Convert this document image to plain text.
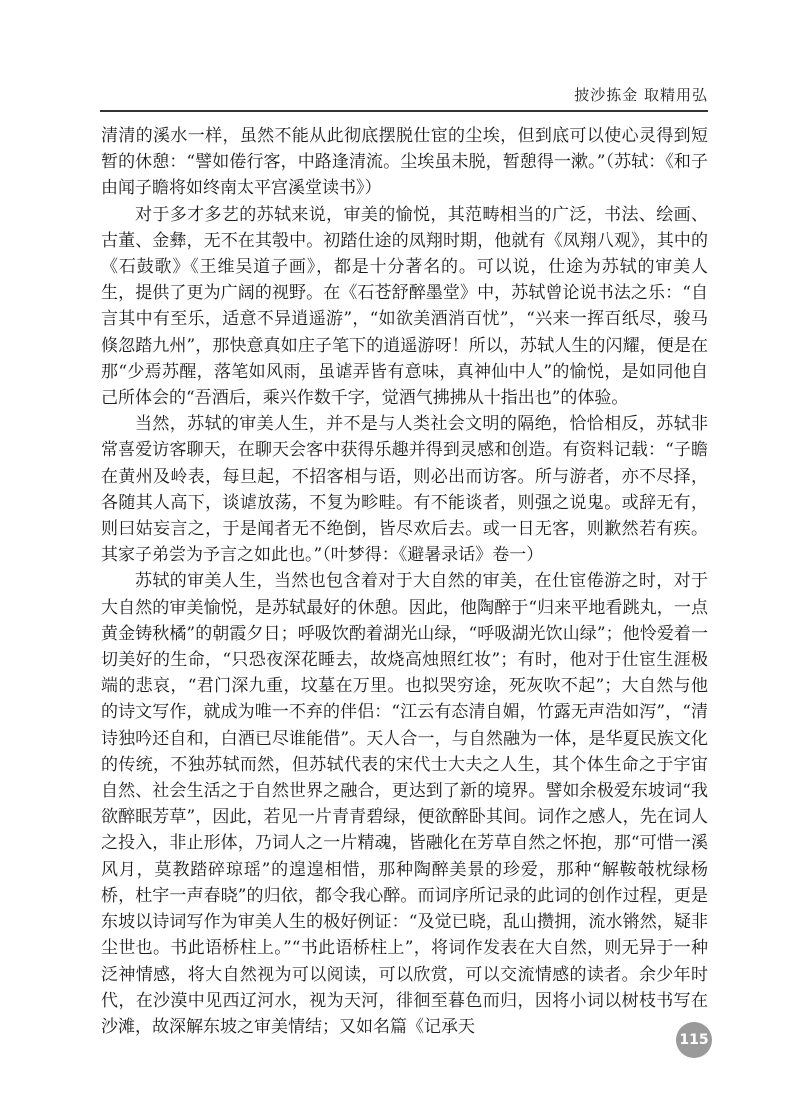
披沙拣金 取精用弘

清清的溪水一样，虽然不能从此彻底摆脱仕宦的尘埃，但到底可以使心灵得到短暂的休憩：“譬如倦行客，中路逢清流。尘埃虽未脱，暂憩得一漱。”（苏轼：《和子由闻子瞻将如终南太平宫溪堂读书》）

对于多才多艺的苏轼来说，审美的愉悦，其范畴相当的广泛，书法、绘画、古董、金彝，无不在其彀中。初踏仕途的凤翔时期，他就有《凤翔八观》，其中的《石鼓歌》《王维吴道子画》，都是十分著名的。可以说，仕途为苏轼的审美人生，提供了更为广阔的视野。在《石苍舒醉墨堂》中，苏轼曾论说书法之乐：“自言其中有至乐，适意不异逍遥游”，“如欲美酒消百忧”，“兴来一挥百纸尽，骏马倏忽踏九州”，那快意真如庄子笔下的逍遥游呀！所以，苏轼人生的闪耀，便是在那“少焉苏醒，落笔如风雨，虽谑弄皆有意味，真神仙中人”的愉悦，是如同他自己所体会的“吾酒后，乘兴作数千字，觉酒气拂拂从十指出也”的体验。

当然，苏轼的审美人生，并不是与人类社会文明的隔绝，恰恰相反，苏轼非常喜爱访客聊天，在聊天会客中获得乐趣并得到灵感和创造。有资料记载：“子瞻在黄州及岭表，每旦起，不招客相与语，则必出而访客。所与游者，亦不尽择，各随其人高下，谈谑放荡，不复为畛畦。有不能谈者，则强之说鬼。或辞无有，则曰姑妄言之，于是闻者无不绝倒，皆尽欢后去。或一日无客，则歉然若有疾。其家子弟尝为予言之如此也。”（叶梦得：《避暑录话》卷一）

苏轼的审美人生，当然也包含着对于大自然的审美，在仕宦倦游之时，对于大自然的审美愉悦，是苏轼最好的休憩。因此，他陶醉于“归来平地看跳丸，一点黄金铸秋橘”的朝霞夕日；呼吸饮酌着湖光山绿，“呼吸湖光饮山绿”；他怜爱着一切美好的生命，“只恐夜深花睡去，故烧高烛照红妆”；有时，他对于仕宦生涯极端的悲哀，“君门深九重，坟墓在万里。也拟哭穷途，死灰吹不起”；大自然与他的诗文写作，就成为唯一不弃的伴侣：“江云有态清自媚，竹露无声浩如泻”，“清诗独吟还自和，白酒已尽谁能借”。天人合一，与自然融为一体，是华夏民族文化的传统，不独苏轼而然，但苏轼代表的宋代士大夫之人生，其个体生命之于宇宙自然、社会生活之于自然世界之融合，更达到了新的境界。譬如余极爱东坡词“我欲醉眠芳草”，因此，若见一片青青碧绿，便欲醉卧其间。词作之感人，先在词人之投入，非止形体，乃词人之一片精魂，皆融化在芳草自然之怀抱，那“可惜一溪风月，莫教踏碎琼瑶”的遑遑相惜，那种陶醉美景的珍爱，那种“解鞍攲枕绿杨桥，杜宇一声春晓”的归依，都令我心醉。而词序所记录的此词的创作过程，更是东坡以诗词写作为审美人生的极好例证：“及觉已晓，乱山攒拥，流水锵然，疑非尘世也。书此语桥柱上。”“书此语桥柱上”，将词作发表在大自然，则无异于一种泛神情感，将大自然视为可以阅读，可以欣赏，可以交流情感的读者。余少年时代，在沙漠中见西辽河水，视为天河，徘徊至暮色而归，因将小词以树枝书写在沙滩，故深解东坡之审美情结；又如名篇《记承天

115
